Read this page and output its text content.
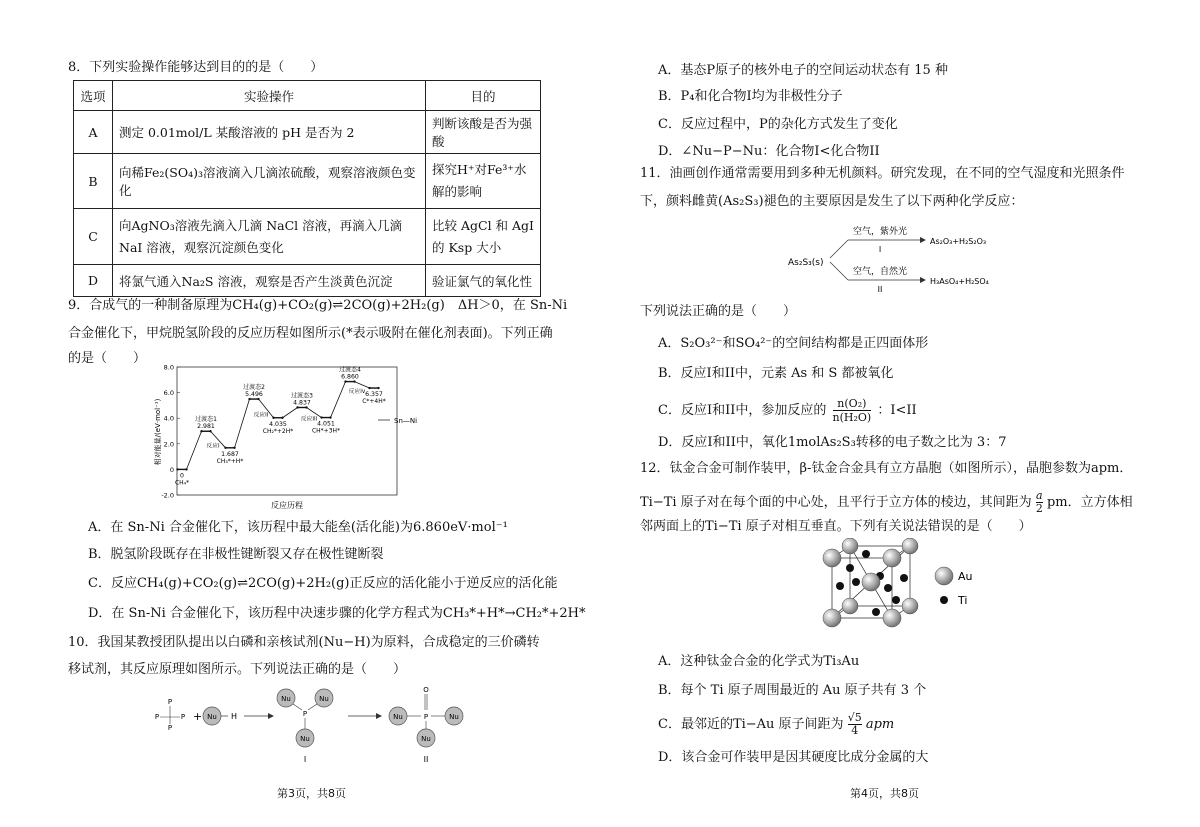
8．下列实验操作能够达到目的的是（　　）
选项	实验操作	目的
A	测定 0.01mol/L 某酸溶液的 pH 是否为 2	判断该酸是否为强酸
B	向稀Fe₂(SO₄)₃溶液滴入几滴浓硫酸，观察溶液颜色变化	探究H⁺对Fe³⁺水解的影响
C	向AgNO₃溶液先滴入几滴 NaCl 溶液，再滴入几滴 NaI 溶液，观察沉淀颜色变化	比较 AgCl 和 AgI 的 Ksp 大小
D	将氯气通入Na₂S 溶液，观察是否产生淡黄色沉淀	验证氯气的氧化性
9．合成气的一种制备原理为CH₄(g)+CO₂(g)⇌2CO(g)+2H₂(g)　ΔH＞0，在 Sn-Ni
合金催化下，甲烷脱氢阶段的反应历程如图所示(*表示吸附在催化剂表面)。下列正确
的是（　　）
8.0
6.0
4.0
2.0
0
-2.0
0
CH₄*
2.981
过渡态1
反应i
1.687
CH₃*+H*
5.496
过渡态2
反应ii
4.035
CH₂*+2H*
4.837
过渡态3
反应iii
4.051
CH*+3H*
6.860
过渡态4
反应iv 6.357
C*+4H*
相对能量/(eV·mol⁻¹)
反应历程
Sn—Ni
A．在 Sn-Ni 合金催化下，该历程中最大能垒(活化能)为6.860eV·mol⁻¹
B．脱氢阶段既存在非极性键断裂又存在极性键断裂
C．反应CH₄(g)+CO₂(g)⇌2CO(g)+2H₂(g)正反应的活化能小于逆反应的活化能
D．在 Sn-Ni 合金催化下，该历程中决速步骤的化学方程式为CH₃*+H*→CH₂*+2H*
10．我国某教授团队提出以白磷和亲核试剂(Nu−H)为原料，合成稳定的三价磷转
移试剂，其反应原理如图所示。下列说法正确的是（　　）
P
P	P
P
+ Nu H
Nu	Nu
P
Nu
I
O
Nu	Nu
P
Nu
II
A．基态P原子的核外电子的空间运动状态有 15 种
B．P₄和化合物I均为非极性分子
C．反应过程中，P的杂化方式发生了变化
D．∠Nu−P−Nu：化合物I<化合物II
11．油画创作通常需要用到多种无机颜料。研究发现，在不同的空气湿度和光照条件
下，颜料雌黄(As₂S₃)褪色的主要原因是发生了以下两种化学反应：
As₂S₃(s)
空气，紫外光
I
As₂O₃+H₂S₂O₃
空气，自然光
II
H₃AsO₄+H₂SO₄
下列说法正确的是（　　）
A．S₂O₃²⁻和SO₄²⁻的空间结构都是正四面体形
B．反应I和II中，元素 As 和 S 都被氧化
C．反应I和II中，参加反应的 $\frac{\text{n(O₂)}}{\text{n(H₂O)}}$ ：I<II
D．反应I和II中，氧化1molAs₂S₃转移的电子数之比为 3：7
12．钛金合金可制作装甲，β-钛金合金具有立方晶胞（如图所示），晶胞参数为apm．
Ti−Ti 原子对在每个面的中心处，且平行于立方体的棱边，其间距为 $\frac{a}{2}$ pm．立方体相
邻两面上的Ti−Ti 原子对相互垂直。下列有关说法错误的是（　　）
Au
Ti
A．这种钛金合金的化学式为Ti₃Au
B．每个 Ti 原子周围最近的 Au 原子共有 3 个
C．最邻近的Ti−Au 原子间距为 $\frac{√5}{4}$ apm
D．该合金可作装甲是因其硬度比成分金属的大
第3页，共8页	第4页，共8页
